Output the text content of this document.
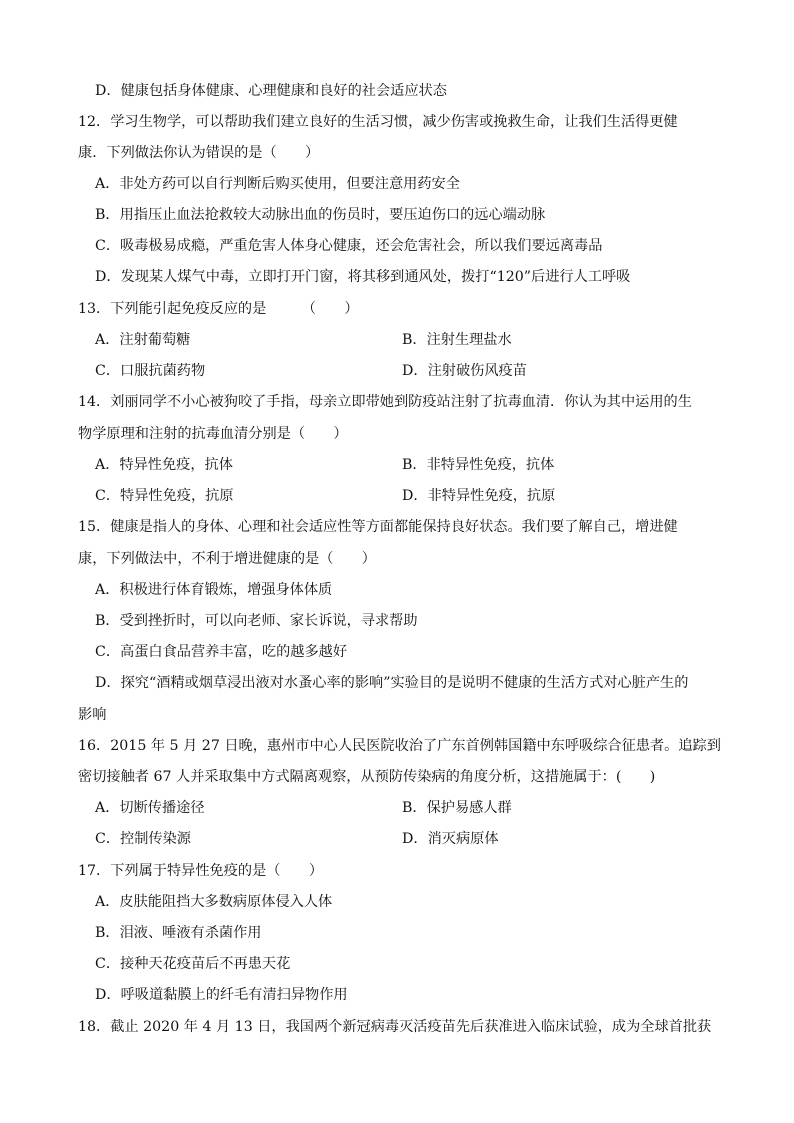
D．健康包括身体健康、心理健康和良好的社会适应状态
12．学习生物学，可以帮助我们建立良好的生活习惯，减少伤害或挽救生命，让我们生活得更健
康．下列做法你认为错误的是（　　）
A．非处方药可以自行判断后购买使用，但要注意用药安全
B．用指压止血法抢救较大动脉出血的伤员时，要压迫伤口的远心端动脉
C．吸毒极易成瘾，严重危害人体身心健康，还会危害社会，所以我们要远离毒品
D．发现某人煤气中毒，立即打开门窗，将其移到通风处，拨打“120”后进行人工呼吸
13．下列能引起免疫反应的是　　　（　　）
A．注射葡萄糖	B．注射生理盐水
C．口服抗菌药物	D．注射破伤风疫苗
14．刘丽同学不小心被狗咬了手指，母亲立即带她到防疫站注射了抗毒血清．你认为其中运用的生
物学原理和注射的抗毒血清分别是（　　）
A．特异性免疫，抗体	B．非特异性免疫，抗体
C．特异性免疫，抗原	D．非特异性免疫，抗原
15．健康是指人的身体、心理和社会适应性等方面都能保持良好状态。我们要了解自己，增进健
康，下列做法中，不利于增进健康的是（　　）
A．积极进行体育锻炼，增强身体体质
B．受到挫折时，可以向老师、家长诉说，寻求帮助
C．高蛋白食品营养丰富，吃的越多越好
D．探究“酒精或烟草浸出液对水蚤心率的影响”实验目的是说明不健康的生活方式对心脏产生的
影响
16．2015 年 5 月 27 日晚，惠州市中心人民医院收治了广东首例韩国籍中东呼吸综合征患者。追踪到
密切接触者 67 人并采取集中方式隔离观察，从预防传染病的角度分析，这措施属于：(　　)
A．切断传播途径	B．保护易感人群
C．控制传染源	D．消灭病原体
17．下列属于特异性免疫的是（　　）
A．皮肤能阻挡大多数病原体侵入人体
B．泪液、唾液有杀菌作用
C．接种天花疫苗后不再患天花
D．呼吸道黏膜上的纤毛有清扫异物作用
18．截止 2020 年 4 月 13 日，我国两个新冠病毒灭活疫苗先后获准进入临床试验，成为全球首批获
